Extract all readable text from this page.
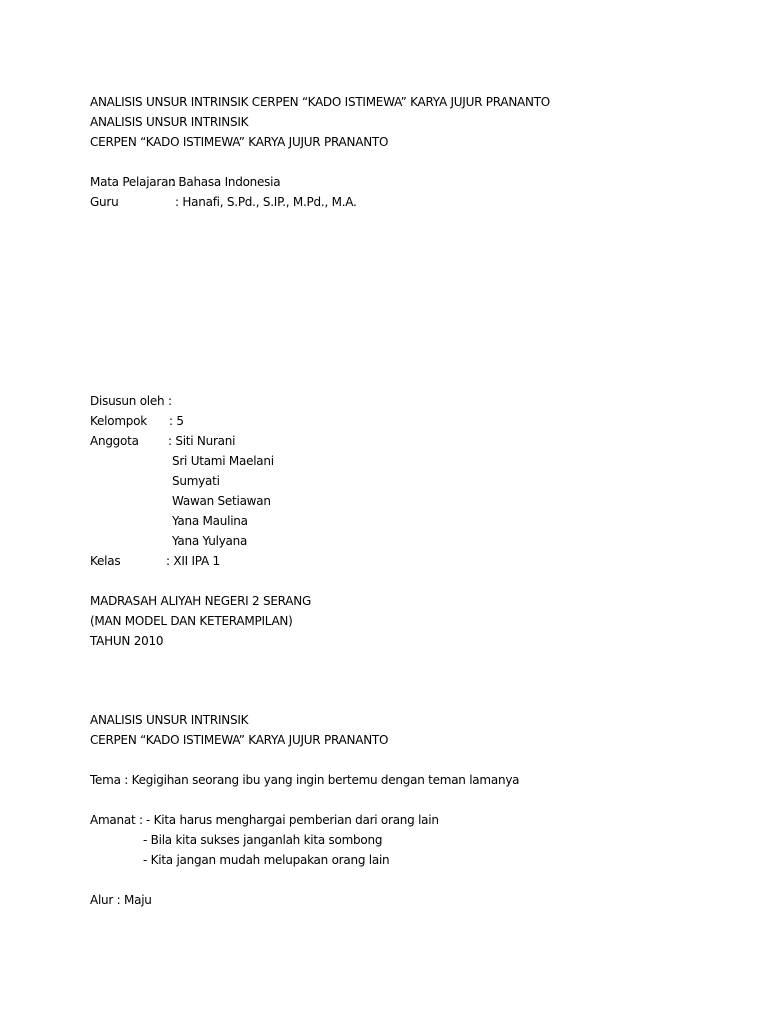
ANALISIS UNSUR INTRINSIK CERPEN “KADO ISTIMEWA” KARYA JUJUR PRANANTO
ANALISIS UNSUR INTRINSIK
CERPEN “KADO ISTIMEWA” KARYA JUJUR PRANANTO
Mata Pelajaran
: Bahasa Indonesia
Guru	: Hanafi, S.Pd., S.IP., M.Pd., M.A.
Disusun oleh :
Kelompok : 5
Anggota : Siti Nurani
Sri Utami Maelani
Sumyati
Wawan Setiawan
Yana Maulina
Yana Yulyana
Kelas	: XII IPA 1
MADRASAH ALIYAH NEGERI 2 SERANG
(MAN MODEL DAN KETERAMPILAN)
TAHUN 2010
ANALISIS UNSUR INTRINSIK
CERPEN “KADO ISTIMEWA” KARYA JUJUR PRANANTO
Tema : Kegigihan seorang ibu yang ingin bertemu dengan teman lamanya
Amanat : - Kita harus menghargai pemberian dari orang lain
- Bila kita sukses janganlah kita sombong
- Kita jangan mudah melupakan orang lain
Alur : Maju
